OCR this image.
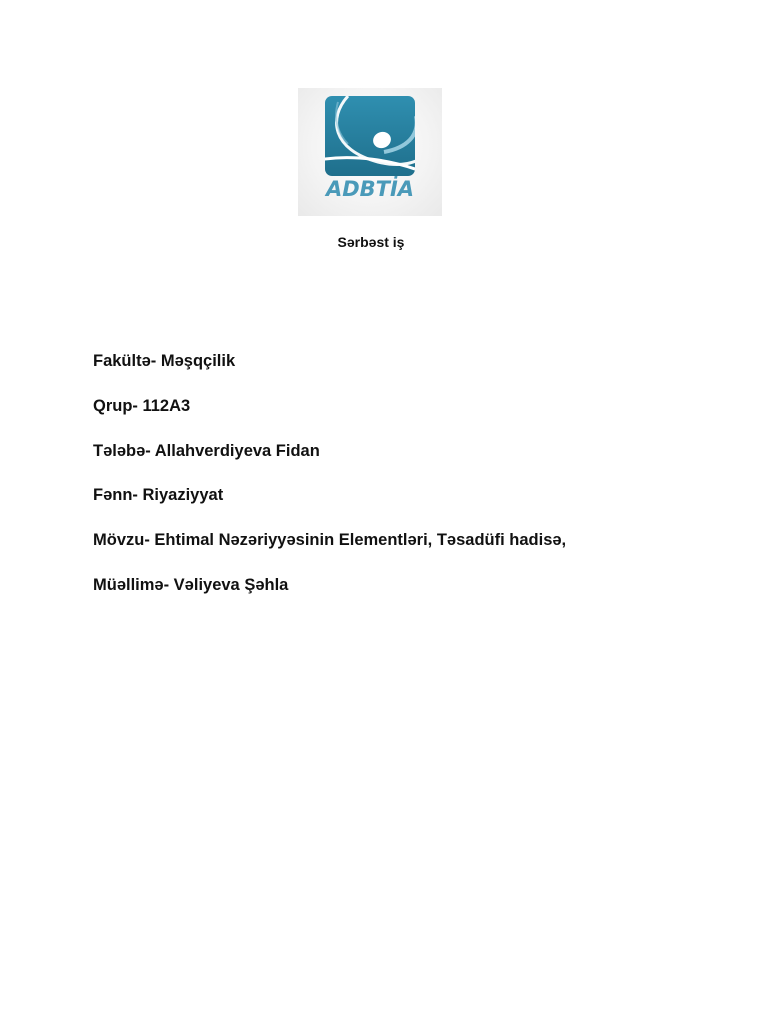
ADBTİA
Sərbəst iş
Fakültə- Məşqçilik
Qrup- 112A3
Tələbə- Allahverdiyeva Fidan
Fənn- Riyaziyyat
Mövzu- Ehtimal Nəzəriyyəsinin Elementləri, Təsadüfi hadisə,
Müəllimə- Vəliyeva Şəhla
